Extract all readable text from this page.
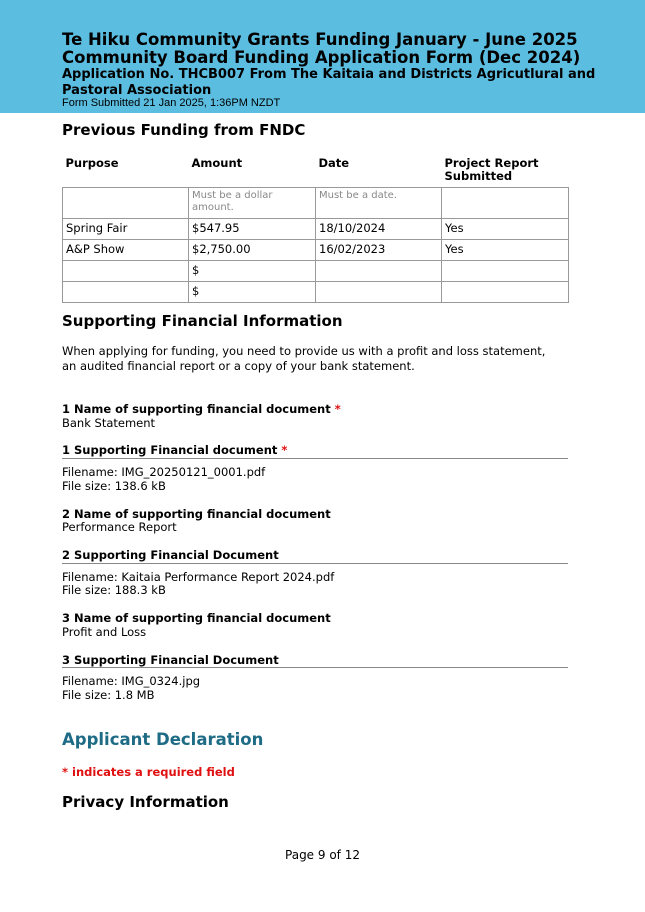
Te Hiku Community Grants Funding January - June 2025
Community Board Funding Application Form (Dec 2024)
Application No. THCB007 From The Kaitaia and Districts Agricutlural and
Pastoral Association
Form Submitted 21 Jan 2025, 1:36PM NZDT
Previous Funding from FNDC
Purpose	Amount	Date	Project Report Submitted
	Must be a dollar amount.	Must be a date.	
Spring Fair	$547.95	18/10/2024	Yes
A&P Show	$2,750.00	16/02/2023	Yes
	$		
	$		
Supporting Financial Information
When applying for funding, you need to provide us with a profit and loss statement, an audited financial report or a copy of your bank statement.
1 Name of supporting financial document *
Bank Statement
1 Supporting Financial document *
Filename: IMG_20250121_0001.pdf
File size: 138.6 kB
2 Name of supporting financial document
Performance Report
2 Supporting Financial Document
Filename: Kaitaia Performance Report 2024.pdf
File size: 188.3 kB
3 Name of supporting financial document
Profit and Loss
3 Supporting Financial Document
Filename: IMG_0324.jpg
File size: 1.8 MB
Applicant Declaration
* indicates a required field
Privacy Information
Page 9 of 12
